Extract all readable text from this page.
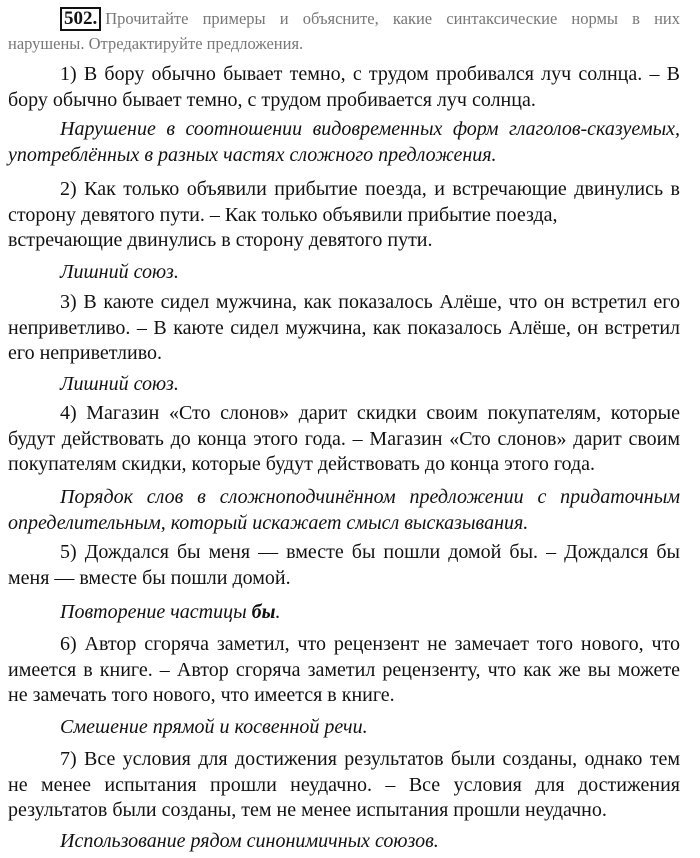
502. Прочитайте примеры и объясните, какие синтаксические нормы в них
нарушены. Отредактируйте предложения.
1) В бору обычно бывает темно, с трудом пробивался луч солнца. – В
бору обычно бывает темно, с трудом пробивается луч солнца.
Нарушение в соотношении видовременных форм глаголов-сказуемых,
употреблённых в разных частях сложного предложения.
2) Как только объявили прибытие поезда, и встречающие двинулись в
сторону девятого пути. – Как только объявили прибытие поезда,
встречающие двинулись в сторону девятого пути.
Лишний союз.
3) В каюте сидел мужчина, как показалось Алёше, что он встретил его
неприветливо. – В каюте сидел мужчина, как показалось Алёше, он встретил
его неприветливо.
Лишний союз.
4) Магазин «Сто слонов» дарит скидки своим покупателям, которые
будут действовать до конца этого года. – Магазин «Сто слонов» дарит своим
покупателям скидки, которые будут действовать до конца этого года.
Порядок слов в сложноподчинённом предложении с придаточным
определительным, который искажает смысл высказывания.
5) Дождался бы меня — вместе бы пошли домой бы. – Дождался бы
меня — вместе бы пошли домой.
Повторение частицы бы.
6) Автор сгоряча заметил, что рецензент не замечает того нового, что
имеется в книге. – Автор сгоряча заметил рецензенту, что как же вы можете
не замечать того нового, что имеется в книге.
Смешение прямой и косвенной речи.
7) Все условия для достижения результатов были созданы, однако тем
не менее испытания прошли неудачно. – Все условия для достижения
результатов были созданы, тем не менее испытания прошли неудачно.
Использование рядом синонимичных союзов.
